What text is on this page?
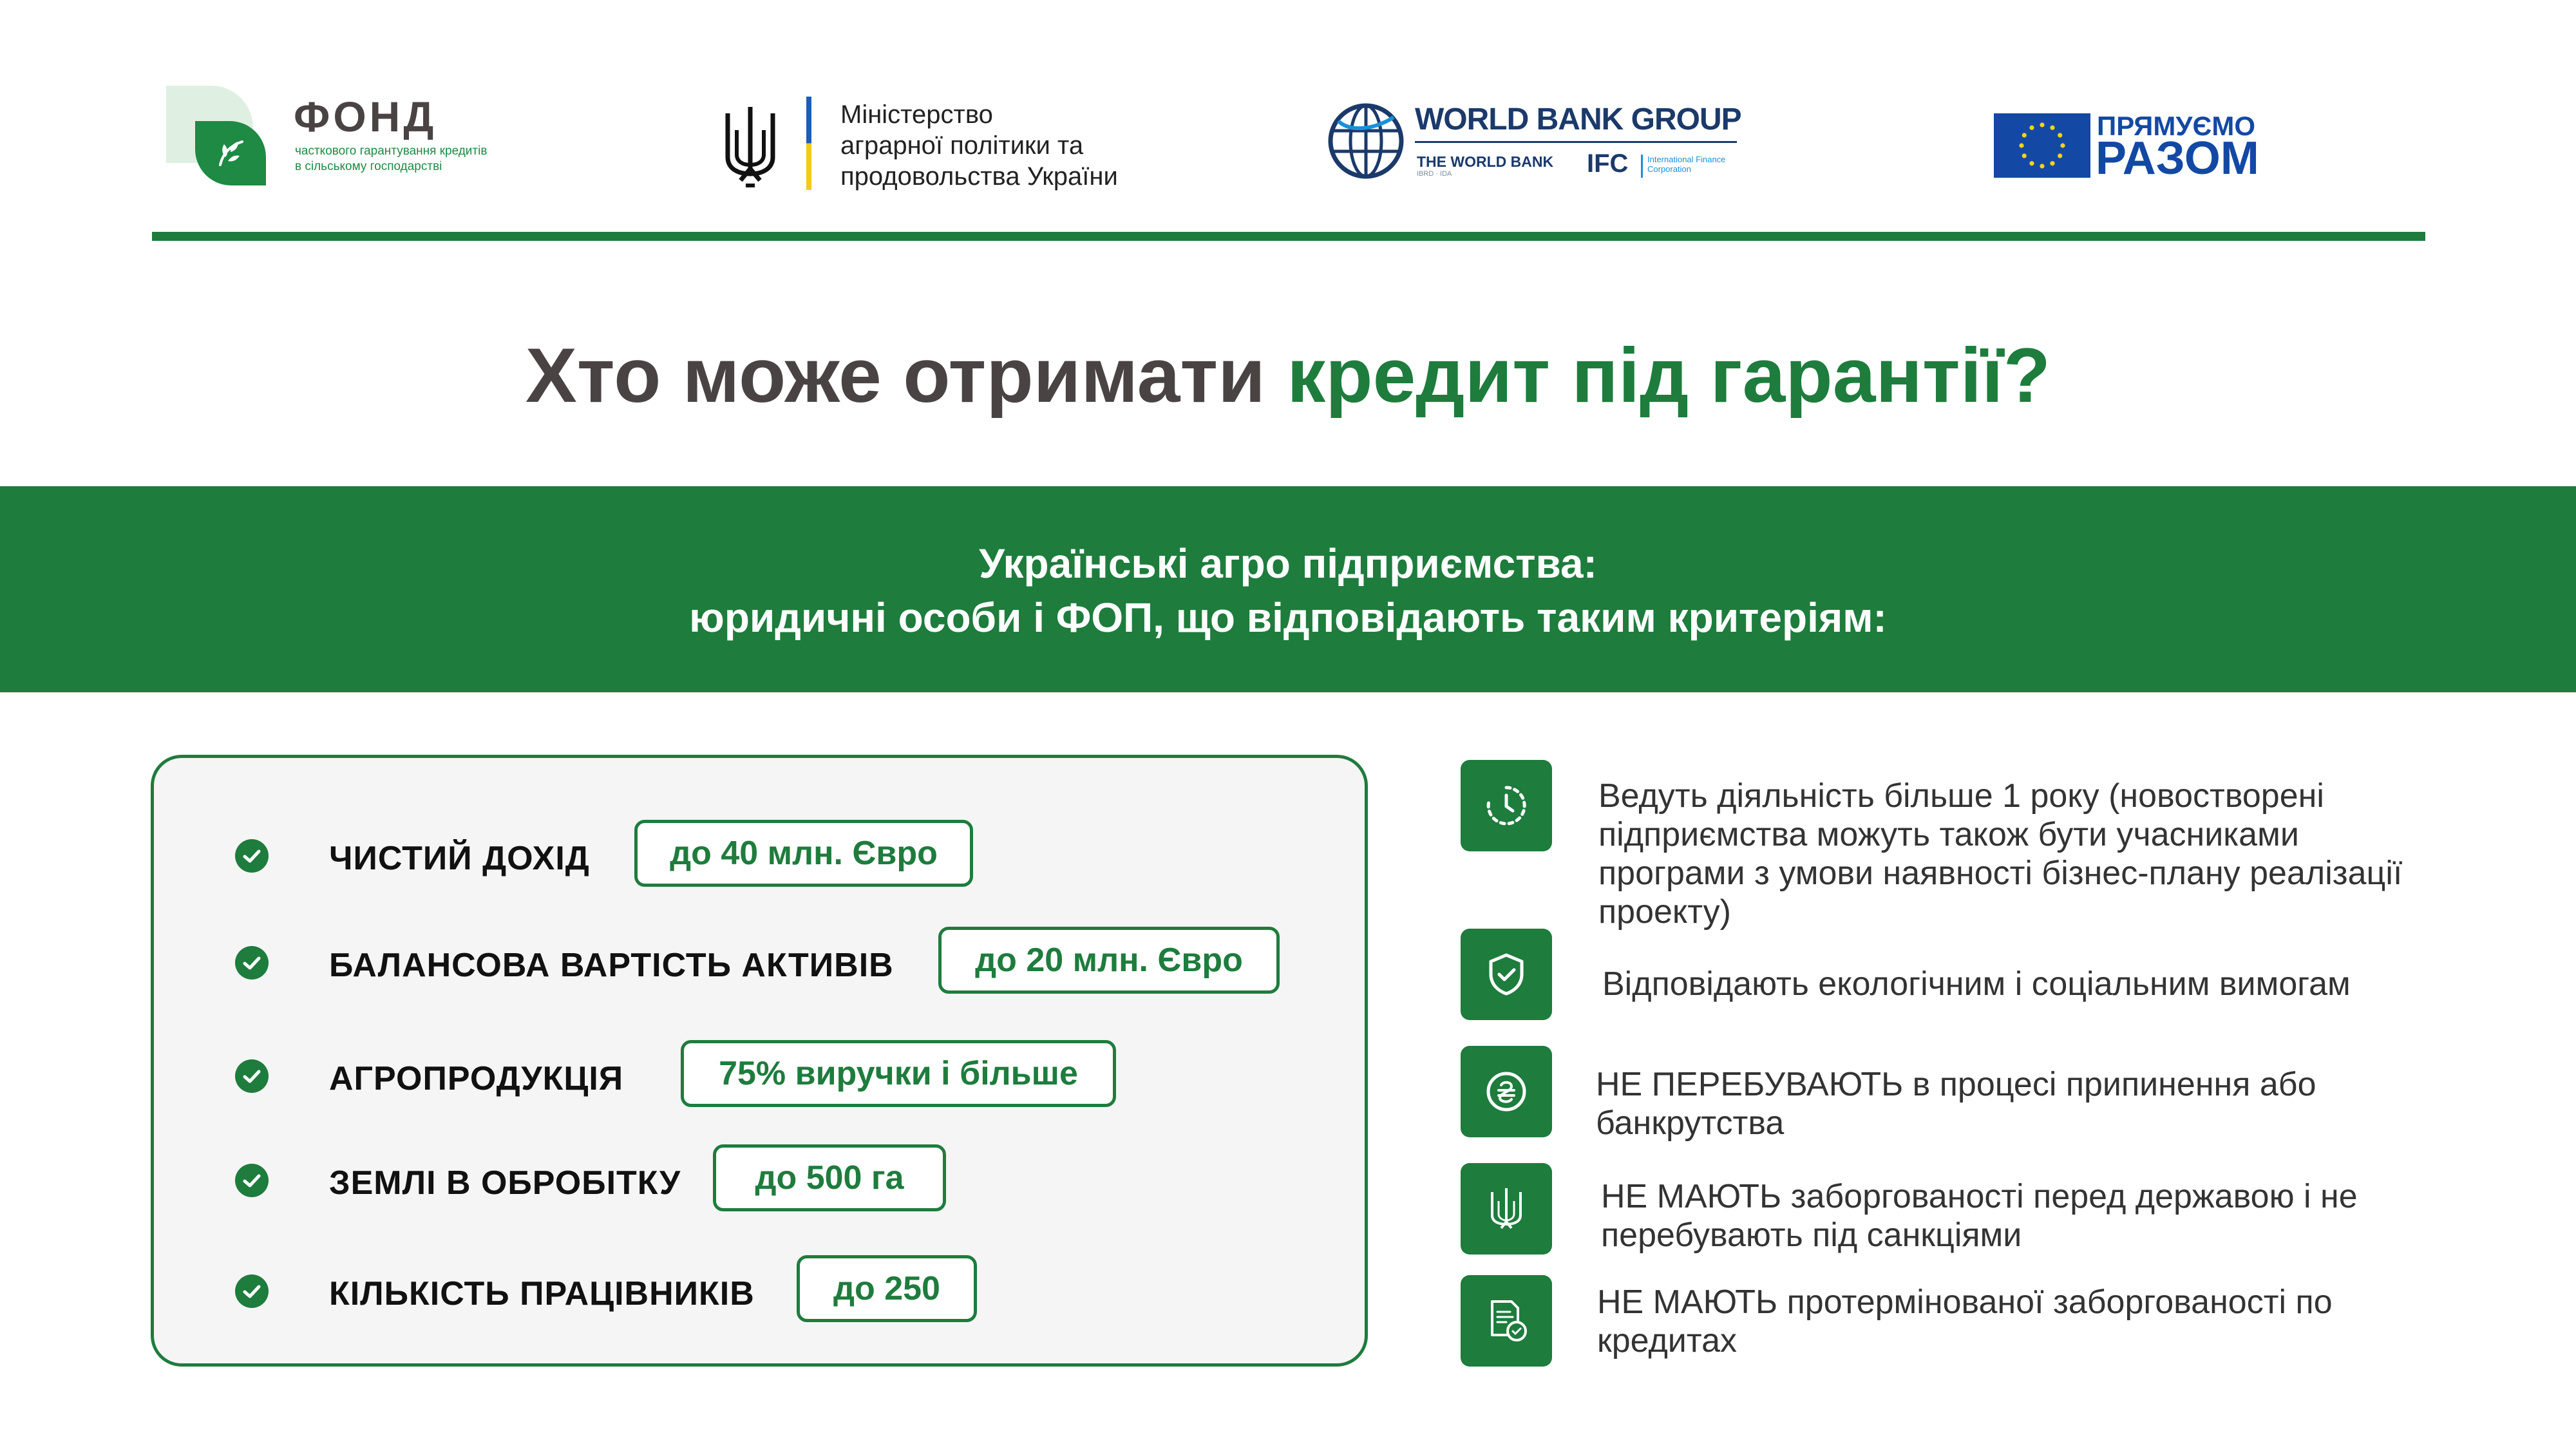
ФОНД
часткового гарантування кредитів
в сільському господарстві
Міністерство
аграрної політики та
продовольства України
WORLD BANK GROUP
THE WORLD BANK
IBRD · IDA	IFC International Finance Corporation
ПРЯМУЄМО
РАЗОМ
Хто може отримати кредит під гарантії?
Українські агро підприємства:
юридичні особи і ФОП, що відповідають таким критеріям:
ЧИСТИЙ ДОХІД	до 40 млн. Євро
БАЛАНСОВА ВАРТІСТЬ АКТИВІВ	до 20 млн. Євро
АГРОПРОДУКЦІЯ	75% виручки і більше
ЗЕМЛІ В ОБРОБІТКУ	до 500 га
КІЛЬКІСТЬ ПРАЦІВНИКІВ	до 250
Ведуть діяльність більше 1 року (новостворені підприємства можуть також бути учасниками програми з умови наявності бізнес-плану реалізації проекту)
Відповідають екологічним і соціальним вимогам
НЕ ПЕРЕБУВАЮТЬ в процесі припинення або банкрутства
НЕ МАЮТЬ заборгованості перед державою і не перебувають під санкціями
НЕ МАЮТЬ протермінованої заборгованості по кредитах
